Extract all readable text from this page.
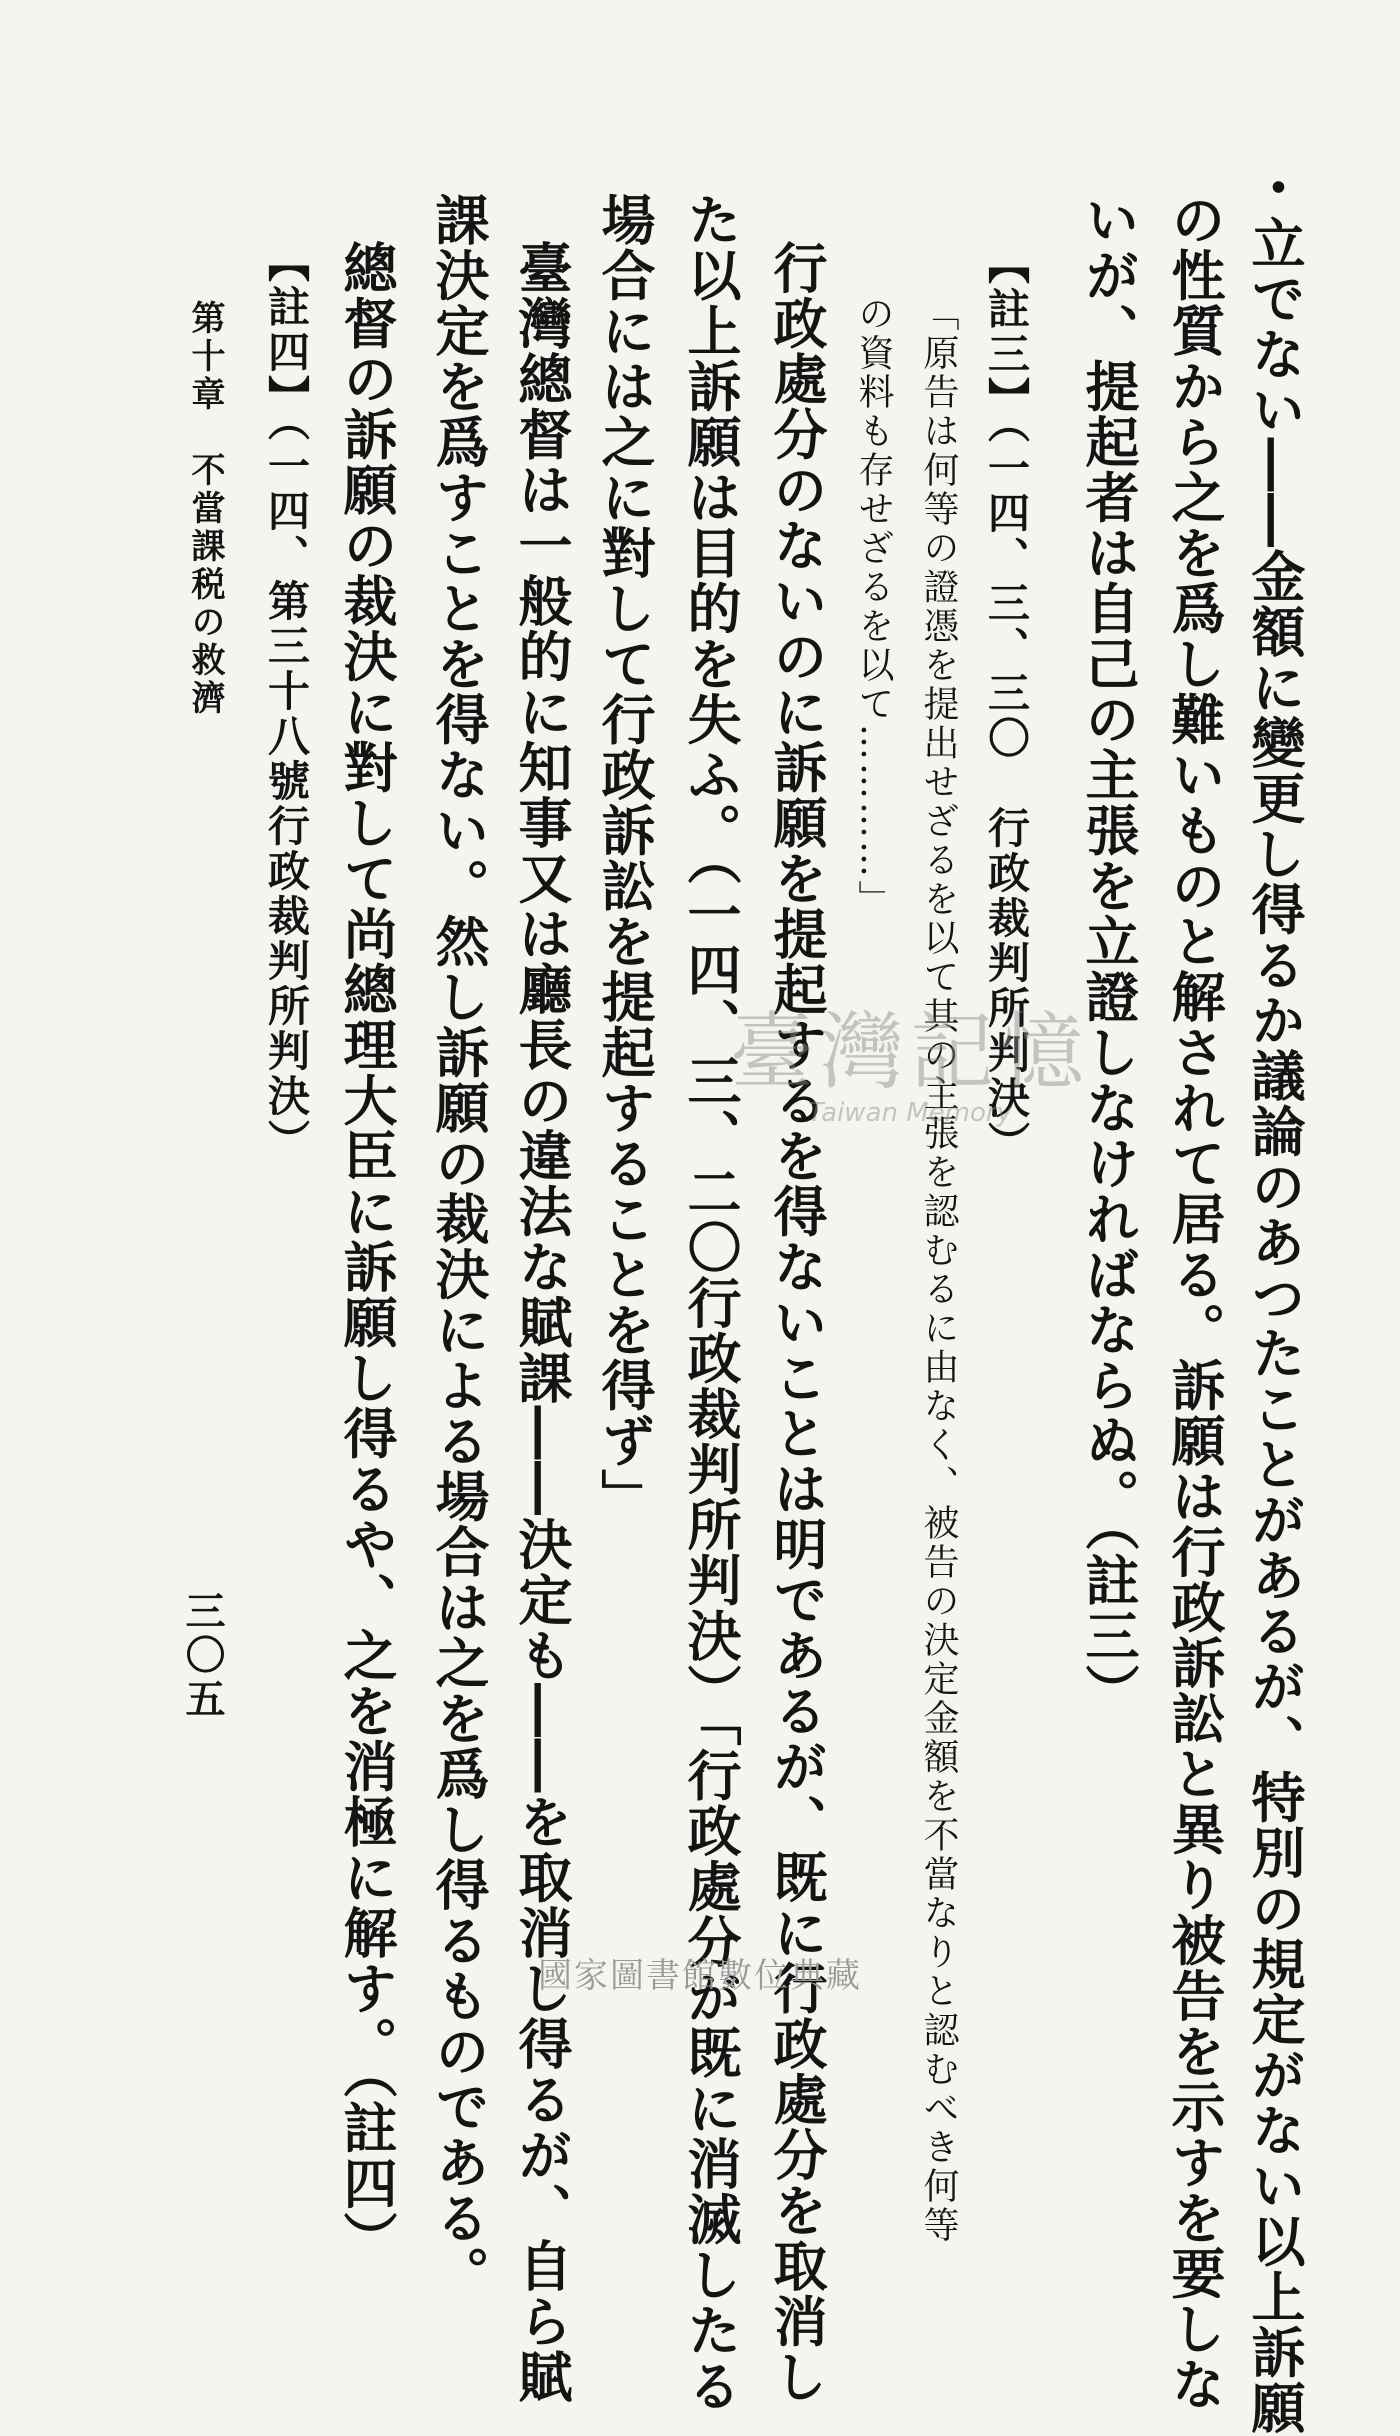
・立でない――金額に變更し得るか議論のあつたことがあるが、特別の規定がない以上訴願
の性質から之を爲し難いものと解されて居る。訴願は行政訴訟と異り被告を示すを要しな
いが、提起者は自己の主張を立證しなければならぬ。（註三）
【註三】（一四、三、三〇　行政裁判所判決）
「原告は何等の證憑を提出せざるを以て其の主張を認むるに由なく、被告の決定金額を不當なりと認むべき何等
の資料も存せざるを以て…………」
行政處分のないのに訴願を提起するを得ないことは明であるが、既に行政處分を取消し
た以上訴願は目的を失ふ。（一四、三、二〇行政裁判所判決）「行政處分が既に消滅したる
場合には之に對して行政訴訟を提起することを得ず」
臺灣總督は一般的に知事又は廳長の違法な賦課――決定も――を取消し得るが、自ら賦
課決定を爲すことを得ない。然し訴願の裁決による場合は之を爲し得るものである。
總督の訴願の裁決に對して尚總理大臣に訴願し得るや、之を消極に解す。（註四）
【註四】（一四、第三十八號行政裁判所判決）
第十章　不當課税の救濟
三〇五
臺灣記憶
Taiwan Memory
國家圖書館數位典藏
